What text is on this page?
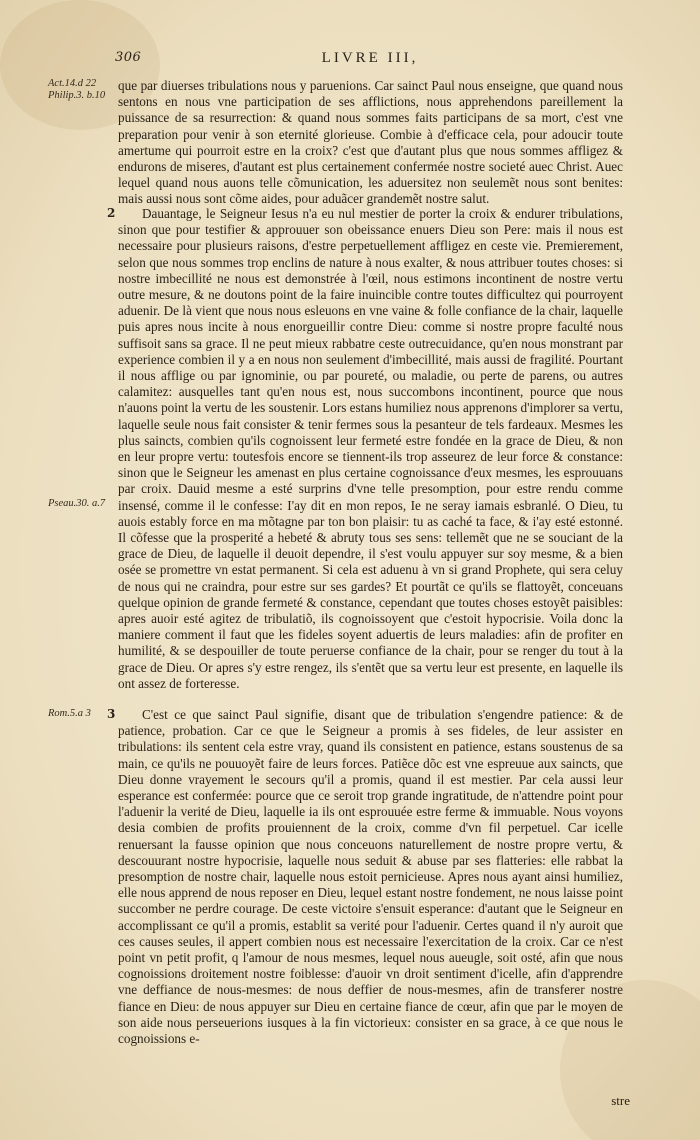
306	LIVRE III,
Act.14.d 22 Philip.3. b.10
Pseau.30. a.7
Rom.5.a 3
2
3

que par diuerses tribulations nous y paruenions. Car sainct Paul nous enseigne, que quand nous sentons en nous vne participation de ses afflictions, nous apprehendons pareillement la puissance de sa resurrection: & quand nous sommes faits participans de sa mort, c'est vne preparation pour venir à son eternité glorieuse. Combie à d'efficace cela, pour adoucir toute amertume qui pourroit estre en la croix? c'est que d'autant plus que nous sommes affligez & endurons de miseres, d'autant est plus certainement confermée nostre societé auec Christ. Auec lequel quand nous auons telle cõmunication, les aduersitez non seulemẽt nous sont benites: mais aussi nous sont cõme aides, pour aduãcer grandemẽt nostre salut.

Dauantage, le Seigneur Iesus n'a eu nul mestier de porter la croix & endurer tribulations, sinon que pour testifier & approuuer son obeissance enuers Dieu son Pere: mais il nous est necessaire pour plusieurs raisons, d'estre perpetuellement affligez en ceste vie. Premierement, selon que nous sommes trop enclins de nature à nous exalter, & nous attribuer toutes choses: si nostre imbecillité ne nous est demonstrée à l'œil, nous estimons incontinent de nostre vertu outre mesure, & ne doutons point de la faire inuincible contre toutes difficultez qui pourroyent aduenir. De là vient que nous nous esleuons en vne vaine & folle confiance de la chair, laquelle puis apres nous incite à nous enorgueillir contre Dieu: comme si nostre propre faculté nous suffisoit sans sa grace. Il ne peut mieux rabbatre ceste outrecuidance, qu'en nous monstrant par experience combien il y a en nous non seulement d'imbecillité, mais aussi de fragilité. Pourtant il nous afflige ou par ignominie, ou par poureté, ou maladie, ou perte de parens, ou autres calamitez: ausquelles tant qu'en nous est, nous succombons incontinent, pource que nous n'auons point la vertu de les soustenir. Lors estans humiliez nous apprenons d'implorer sa vertu, laquelle seule nous fait consister & tenir fermes sous la pesanteur de tels fardeaux. Mesmes les plus saincts, combien qu'ils cognoissent leur fermeté estre fondée en la grace de Dieu, & non en leur propre vertu: toutesfois encore se tiennent-ils trop asseurez de leur force & constance: sinon que le Seigneur les amenast en plus certaine cognoissance d'eux mesmes, les esprouuans par croix. Dauid mesme a esté surprins d'vne telle presomption, pour estre rendu comme insensé, comme il le confesse: I'ay dit en mon repos, Ie ne seray iamais esbranlé. O Dieu, tu auois estably force en ma mõtagne par ton bon plaisir: tu as caché ta face, & i'ay esté estonné. Il cõfesse que la prosperité a hebeté & abruty tous ses sens: tellemẽt que ne se souciant de la grace de Dieu, de laquelle il deuoit dependre, il s'est voulu appuyer sur soy mesme, & a bien osée se promettre vn estat permanent. Si cela est aduenu à vn si grand Prophete, qui sera celuy de nous qui ne craindra, pour estre sur ses gardes? Et pourtãt ce qu'ils se flattoyẽt, conceuans quelque opinion de grande fermeté & constance, cependant que toutes choses estoyẽt paisibles: apres auoir esté agitez de tribulatiõ, ils cognoissoyent que c'estoit hypocrisie. Voila donc la maniere comment il faut que les fideles soyent aduertis de leurs maladies: afin de profiter en humilité, & se despouiller de toute peruerse confiance de la chair, pour se renger du tout à la grace de Dieu. Or apres s'y estre rengez, ils s'entẽt que sa vertu leur est presente, en laquelle ils ont assez de forteresse.

C'est ce que sainct Paul signifie, disant que de tribulation s'engendre patience: & de patience, probation. Car ce que le Seigneur a promis à ses fideles, de leur assister en tribulations: ils sentent cela estre vray, quand ils consistent en patience, estans soustenus de sa main, ce qu'ils ne pouuoyẽt faire de leurs forces. Patiẽce dõc est vne espreuue aux saincts, que Dieu donne vrayement le secours qu'il a promis, quand il est mestier. Par cela aussi leur esperance est confermée: pource que ce seroit trop grande ingratitude, de n'attendre point pour l'aduenir la verité de Dieu, laquelle ia ils ont esprouuée estre ferme & immuable. Nous voyons desia combien de profits prouiennent de la croix, comme d'vn fil perpetuel. Car icelle renuersant la fausse opinion que nous conceuons naturellement de nostre propre vertu, & descouurant nostre hypocrisie, laquelle nous seduit & abuse par ses flatteries: elle rabbat la presomption de nostre chair, laquelle nous estoit pernicieuse. Apres nous ayant ainsi humiliez, elle nous apprend de nous reposer en Dieu, lequel estant nostre fondement, ne nous laisse point succomber ne perdre courage. De ceste victoire s'ensuit esperance: d'autant que le Seigneur en accomplissant ce qu'il a promis, establit sa verité pour l'aduenir. Certes quand il n'y auroit que ces causes seules, il appert combien nous est necessaire l'exercitation de la croix. Car ce n'est point vn petit profit, q l'amour de nous mesmes, lequel nous aueugle, soit osté, afin que nous cognoissions droitement nostre foiblesse: d'auoir vn droit sentiment d'icelle, afin d'apprendre vne deffiance de nous-mesmes: de nous deffier de nous-mesmes, afin de transferer nostre fiance en Dieu: de nous appuyer sur Dieu en certaine fiance de cœur, afin que par le moyen de son aide nous perseuerions iusques à la fin victorieux: consister en sa grace, à ce que nous le cognoissions e-

stre
